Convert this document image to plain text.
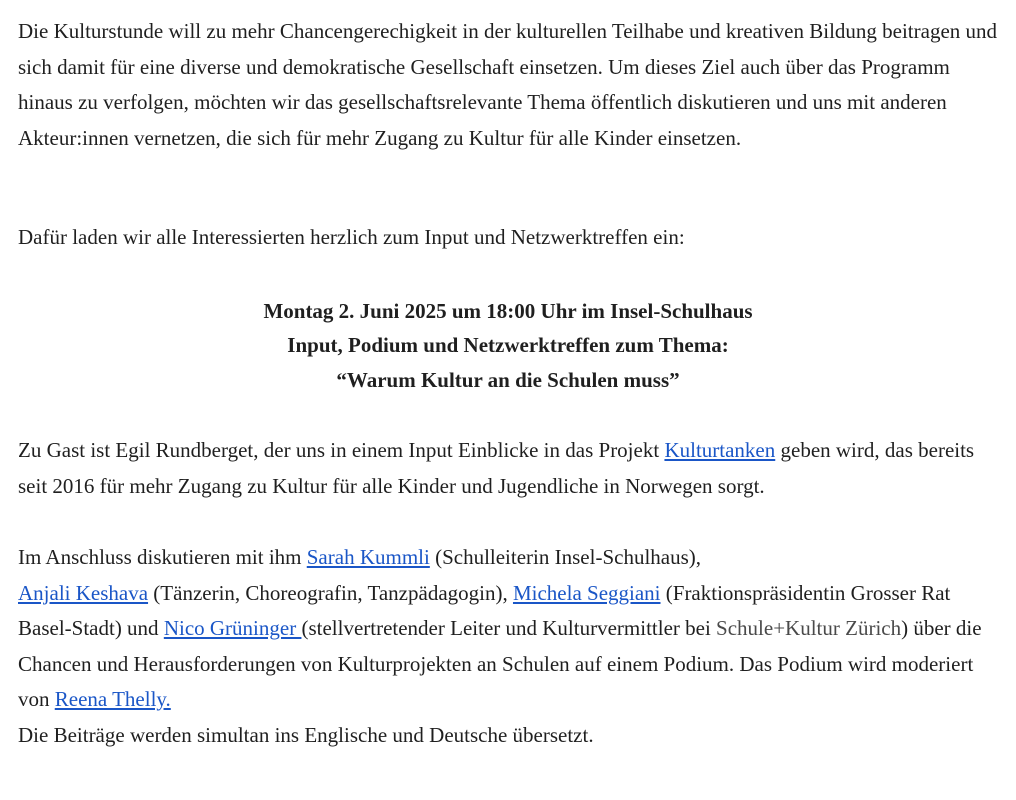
Die Kulturstunde will zu mehr Chancengerechigkeit in der kulturellen Teilhabe und kreativen Bildung beitragen und sich damit für eine diverse und demokratische Gesellschaft einsetzen. Um dieses Ziel auch über das Programm hinaus zu verfolgen, möchten wir das gesellschaftsrelevante Thema öffentlich diskutieren und uns mit anderen Akteur:innen vernetzen, die sich für mehr Zugang zu Kultur für alle Kinder einsetzen.

Dafür laden wir alle Interessierten herzlich zum Input und Netzwerktreffen ein:

Montag 2. Juni 2025 um 18:00 Uhr im Insel-Schulhaus
Input, Podium und Netzwerktreffen zum Thema:
“Warum Kultur an die Schulen muss”

Zu Gast ist Egil Rundberget, der uns in einem Input Einblicke in das Projekt Kulturtanken geben wird, das bereits seit 2016 für mehr Zugang zu Kultur für alle Kinder und Jugendliche in Norwegen sorgt.

Im Anschluss diskutieren mit ihm Sarah Kummli (Schulleiterin Insel-Schulhaus),
Anjali Keshava (Tänzerin, Choreografin, Tanzpädagogin), Michela Seggiani (Fraktionspräsidentin Grosser Rat Basel-Stadt) und Nico Grüninger (stellvertretender Leiter und Kulturvermittler bei Schule+Kultur Zürich) über die Chancen und Herausforderungen von Kulturprojekten an Schulen auf einem Podium. Das Podium wird moderiert von Reena Thelly.
Die Beiträge werden simultan ins Englische und Deutsche übersetzt.
